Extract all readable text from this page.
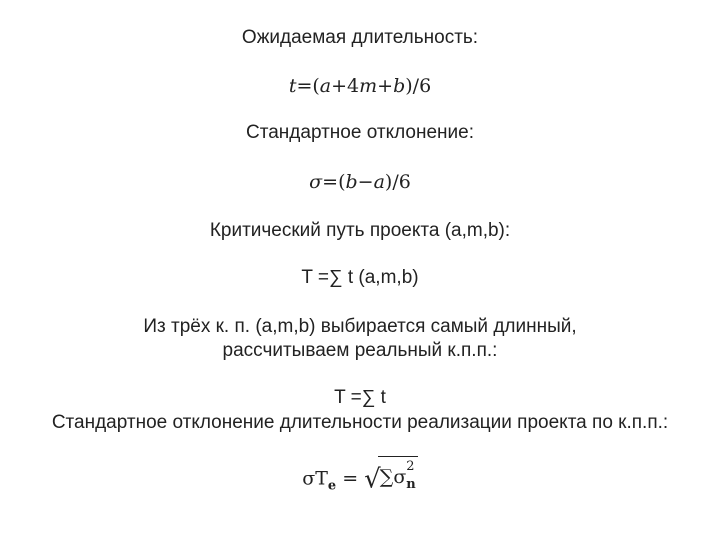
Ожидаемая длительность:
t=(a+4m+b)/6
Стандартное отклонение:
σ=(b−a)/6
Критический путь проекта (a,m,b):
T =∑ t (a,m,b)
Из трёх к. п. (a,m,b) выбирается самый длинный,
рассчитываем реальный к.п.п.:
T =∑ t
Стандартное отклонение длительности реализации проекта по к.п.п.:
$\sigma T_e = √\sum\sigma$ 2
$_n$
